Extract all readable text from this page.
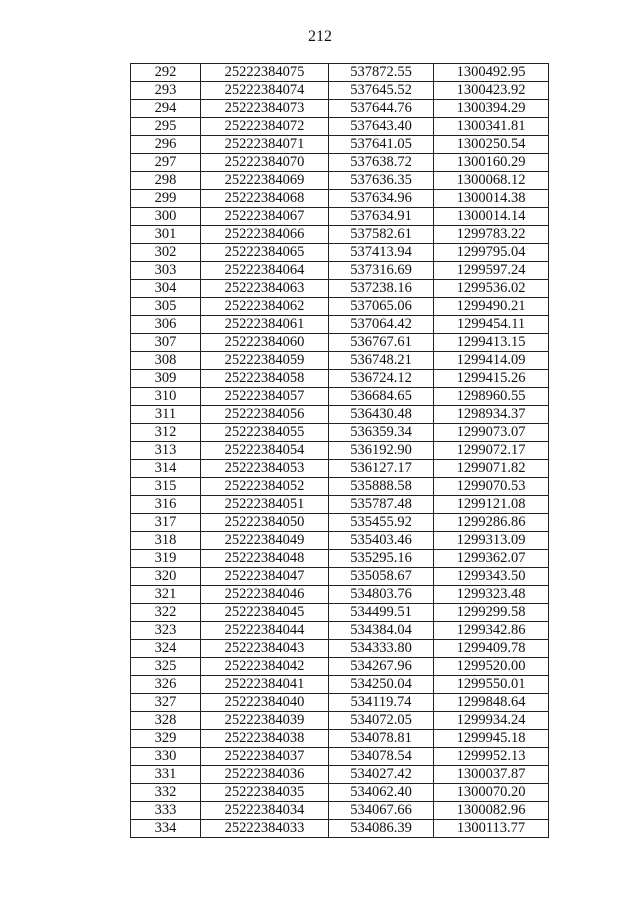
212
292	25222384075	537872.55	1300492.95
293	25222384074	537645.52	1300423.92
294	25222384073	537644.76	1300394.29
295	25222384072	537643.40	1300341.81
296	25222384071	537641.05	1300250.54
297	25222384070	537638.72	1300160.29
298	25222384069	537636.35	1300068.12
299	25222384068	537634.96	1300014.38
300	25222384067	537634.91	1300014.14
301	25222384066	537582.61	1299783.22
302	25222384065	537413.94	1299795.04
303	25222384064	537316.69	1299597.24
304	25222384063	537238.16	1299536.02
305	25222384062	537065.06	1299490.21
306	25222384061	537064.42	1299454.11
307	25222384060	536767.61	1299413.15
308	25222384059	536748.21	1299414.09
309	25222384058	536724.12	1299415.26
310	25222384057	536684.65	1298960.55
311	25222384056	536430.48	1298934.37
312	25222384055	536359.34	1299073.07
313	25222384054	536192.90	1299072.17
314	25222384053	536127.17	1299071.82
315	25222384052	535888.58	1299070.53
316	25222384051	535787.48	1299121.08
317	25222384050	535455.92	1299286.86
318	25222384049	535403.46	1299313.09
319	25222384048	535295.16	1299362.07
320	25222384047	535058.67	1299343.50
321	25222384046	534803.76	1299323.48
322	25222384045	534499.51	1299299.58
323	25222384044	534384.04	1299342.86
324	25222384043	534333.80	1299409.78
325	25222384042	534267.96	1299520.00
326	25222384041	534250.04	1299550.01
327	25222384040	534119.74	1299848.64
328	25222384039	534072.05	1299934.24
329	25222384038	534078.81	1299945.18
330	25222384037	534078.54	1299952.13
331	25222384036	534027.42	1300037.87
332	25222384035	534062.40	1300070.20
333	25222384034	534067.66	1300082.96
334	25222384033	534086.39	1300113.77
